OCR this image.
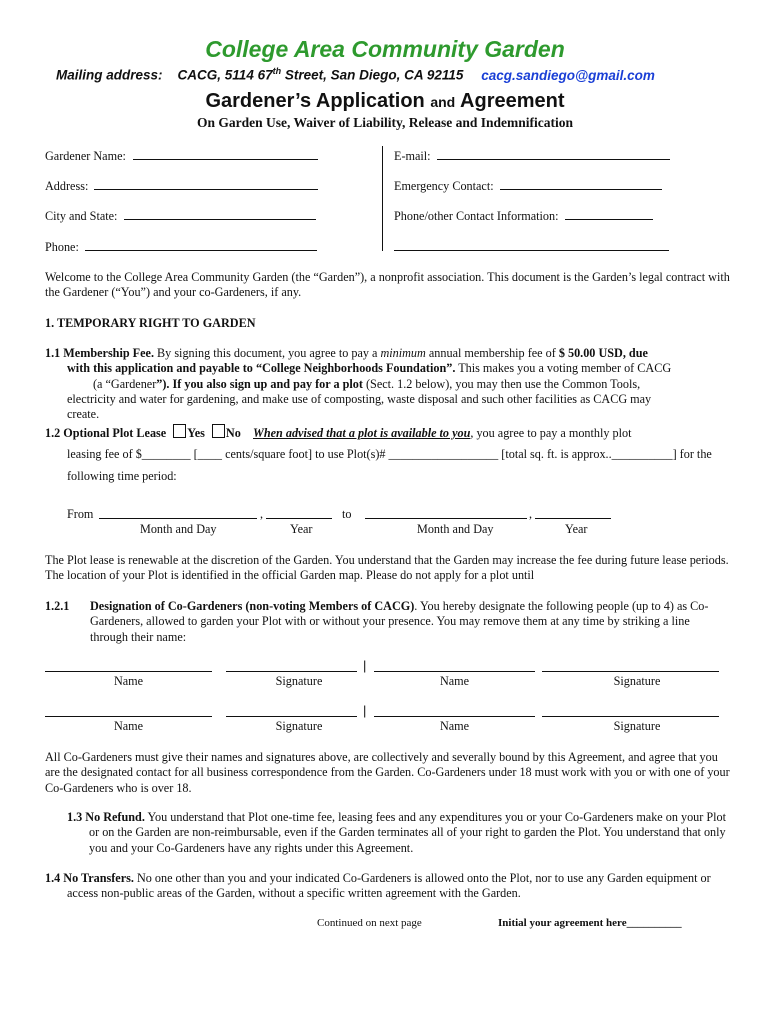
College Area Community Garden
Mailing address: CACG, 5114 67th Street, San Diego, CA 92115 cacg.sandiego@gmail.com
Gardener’s Application and Agreement
On Garden Use, Waiver of Liability, Release and Indemnification
Gardener Name:	E-mail:
Address:	Emergency Contact:
City and State:	Phone/other Contact Information:
Phone:
Welcome to the College Area Community Garden (the “Garden”), a nonprofit association. This document is the Garden’s legal contract with the Gardener (“You”) and your co-Gardeners, if any.
1. TEMPORARY RIGHT TO GARDEN
1.1 Membership Fee. By signing this document, you agree to pay a minimum annual membership fee of $ 50.00 USD, due
with this application and payable to “College Neighborhoods Foundation”. This makes you a voting member of CACG
(a “Gardener”). If you also sign up and pay for a plot (Sect. 1.2 below), you may then use the Common Tools,
electricity and water for gardening, and make use of composting, waste disposal and such other facilities as CACG may
create.
1.2 Optional Plot Lease Yes No When advised that a plot is available to you, you agree to pay a monthly plot
leasing fee of $________ [____ cents/square foot] to use Plot(s)# __________________ [total sq. ft. is approx..__________] for the
following time period:
From	,	to	,
Month and Day	Year	Month and Day	Year
The Plot lease is renewable at the discretion of the Garden. You understand that the Garden may increase the fee during future lease periods. The location of your Plot is identified in the official Garden map. Please do not apply for a plot until
1.2.1 Designation of Co-Gardeners (non-voting Members of CACG). You hereby designate the following people (up to 4) as Co-Gardeners, allowed to garden your Plot with or without your presence. You may remove them at any time by striking a line through their name:
|
Name	Signature	Name	Signature
|
Name	Signature	Name	Signature
All Co-Gardeners must give their names and signatures above, are collectively and severally bound by this Agreement, and agree that you are the designated contact for all business correspondence from the Garden. Co-Gardeners under 18 must work with you or with one of your Co-Gardeners who is over 18.
1.3 No Refund. You understand that Plot one-time fee, leasing fees and any expenditures you or your Co-Gardeners make on your Plot or on the Garden are non-reimbursable, even if the Garden terminates all of your right to garden the Plot. You understand that only you and your Co-Gardeners have any rights under this Agreement.
1.4 No Transfers. No one other than you and your indicated Co-Gardeners is allowed onto the Plot, nor to use any Garden equipment or access non-public areas of the Garden, without a specific written agreement with the Garden.
Continued on next page	Initial your agreement here__________
